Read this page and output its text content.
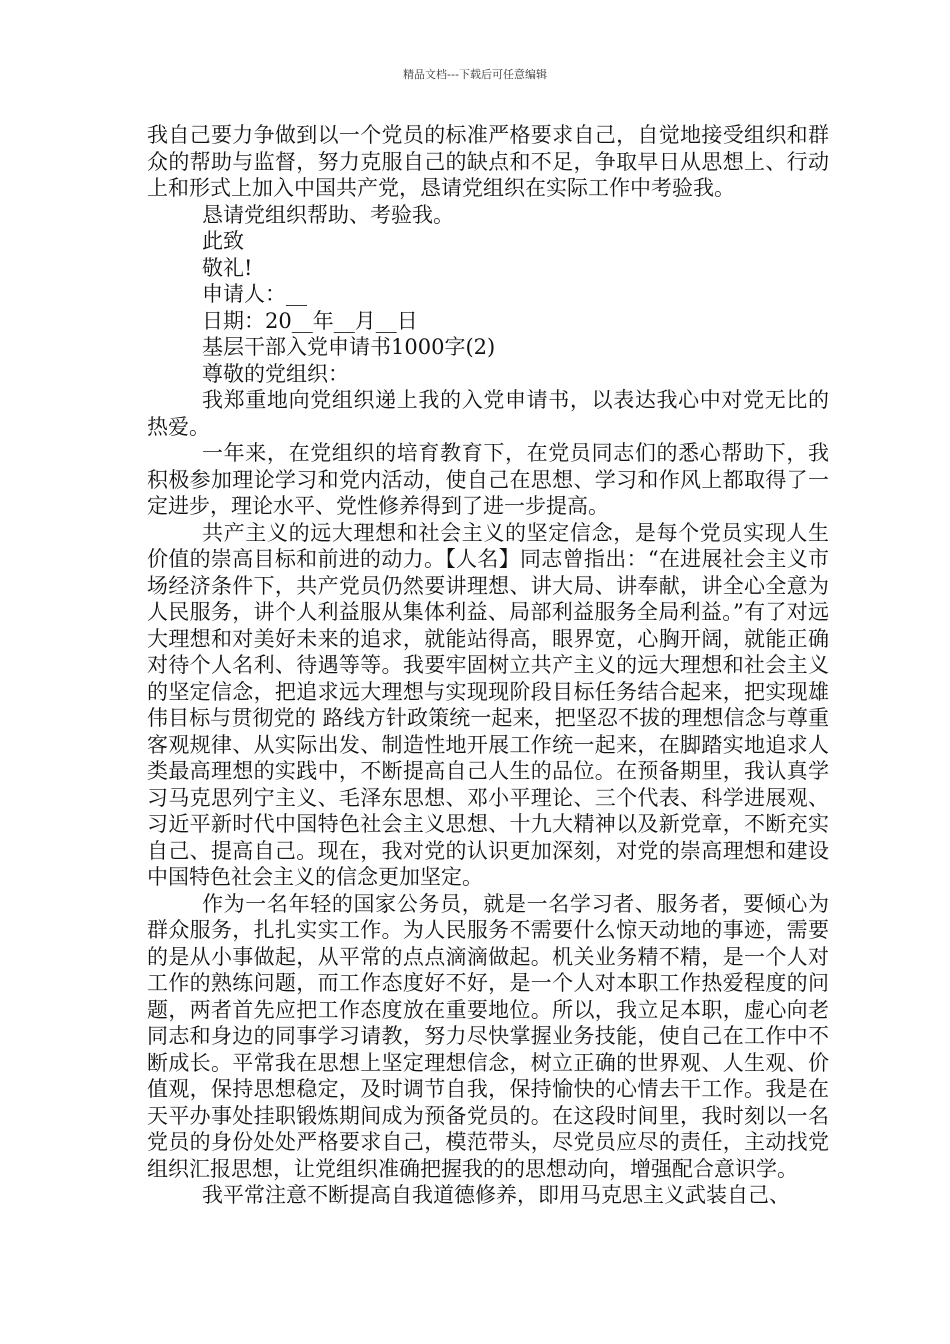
精品文档---下载后可任意编辑

我自己要力争做到以一个党员的标准严格要求自己，自觉地接受组织和群众的帮助与监督，努力克服自己的缺点和不足，争取早日从思想上、行动上和形式上加入中国共产党，恳请党组织在实际工作中考验我。

恳请党组织帮助、考验我。

此致

敬礼!

申请人：__

日期：20__年__月__日

基层干部入党申请书1000字(2)

尊敬的党组织：

我郑重地向党组织递上我的入党申请书，以表达我心中对党无比的热爱。

一年来，在党组织的培育教育下，在党员同志们的悉心帮助下，我积极参加理论学习和党内活动，使自己在思想、学习和作风上都取得了一定进步，理论水平、党性修养得到了进一步提高。

共产主义的远大理想和社会主义的坚定信念，是每个党员实现人生价值的崇高目标和前进的动力。【人名】同志曾指出：“在进展社会主义市场经济条件下，共产党员仍然要讲理想、讲大局、讲奉献，讲全心全意为人民服务，讲个人利益服从集体利益、局部利益服务全局利益。”有了对远大理想和对美好未来的追求，就能站得高，眼界宽，心胸开阔，就能正确对待个人名利、待遇等等。我要牢固树立共产主义的远大理想和社会主义的坚定信念，把追求远大理想与实现现阶段目标任务结合起来，把实现雄伟目标与贯彻党的 路线方针政策统一起来，把坚忍不拔的理想信念与尊重客观规律、从实际出发、制造性地开展工作统一起来，在脚踏实地追求人类最高理想的实践中，不断提高自己人生的品位。在预备期里，我认真学习马克思列宁主义、毛泽东思想、邓小平理论、三个代表、科学进展观、习近平新时代中国特色社会主义思想、十九大精神以及新党章，不断充实自己、提高自己。现在，我对党的认识更加深刻，对党的崇高理想和建设中国特色社会主义的信念更加坚定。

作为一名年轻的国家公务员，就是一名学习者、服务者，要倾心为群众服务，扎扎实实工作。为人民服务不需要什么惊天动地的事迹，需要的是从小事做起，从平常的点点滴滴做起。机关业务精不精，是一个人对工作的熟练问题，而工作态度好不好，是一个人对本职工作热爱程度的问题，两者首先应把工作态度放在重要地位。所以，我立足本职，虚心向老同志和身边的同事学习请教，努力尽快掌握业务技能，使自己在工作中不断成长。平常我在思想上坚定理想信念，树立正确的世界观、人生观、价值观，保持思想稳定，及时调节自我，保持愉快的心情去干工作。我是在天平办事处挂职锻炼期间成为预备党员的。在这段时间里，我时刻以一名党员的身份处处严格要求自己，模范带头，尽党员应尽的责任，主动找党组织汇报思想，让党组织准确把握我的的思想动向，增强配合意识学。

我平常注意不断提高自我道德修养，即用马克思主义武装自己、
